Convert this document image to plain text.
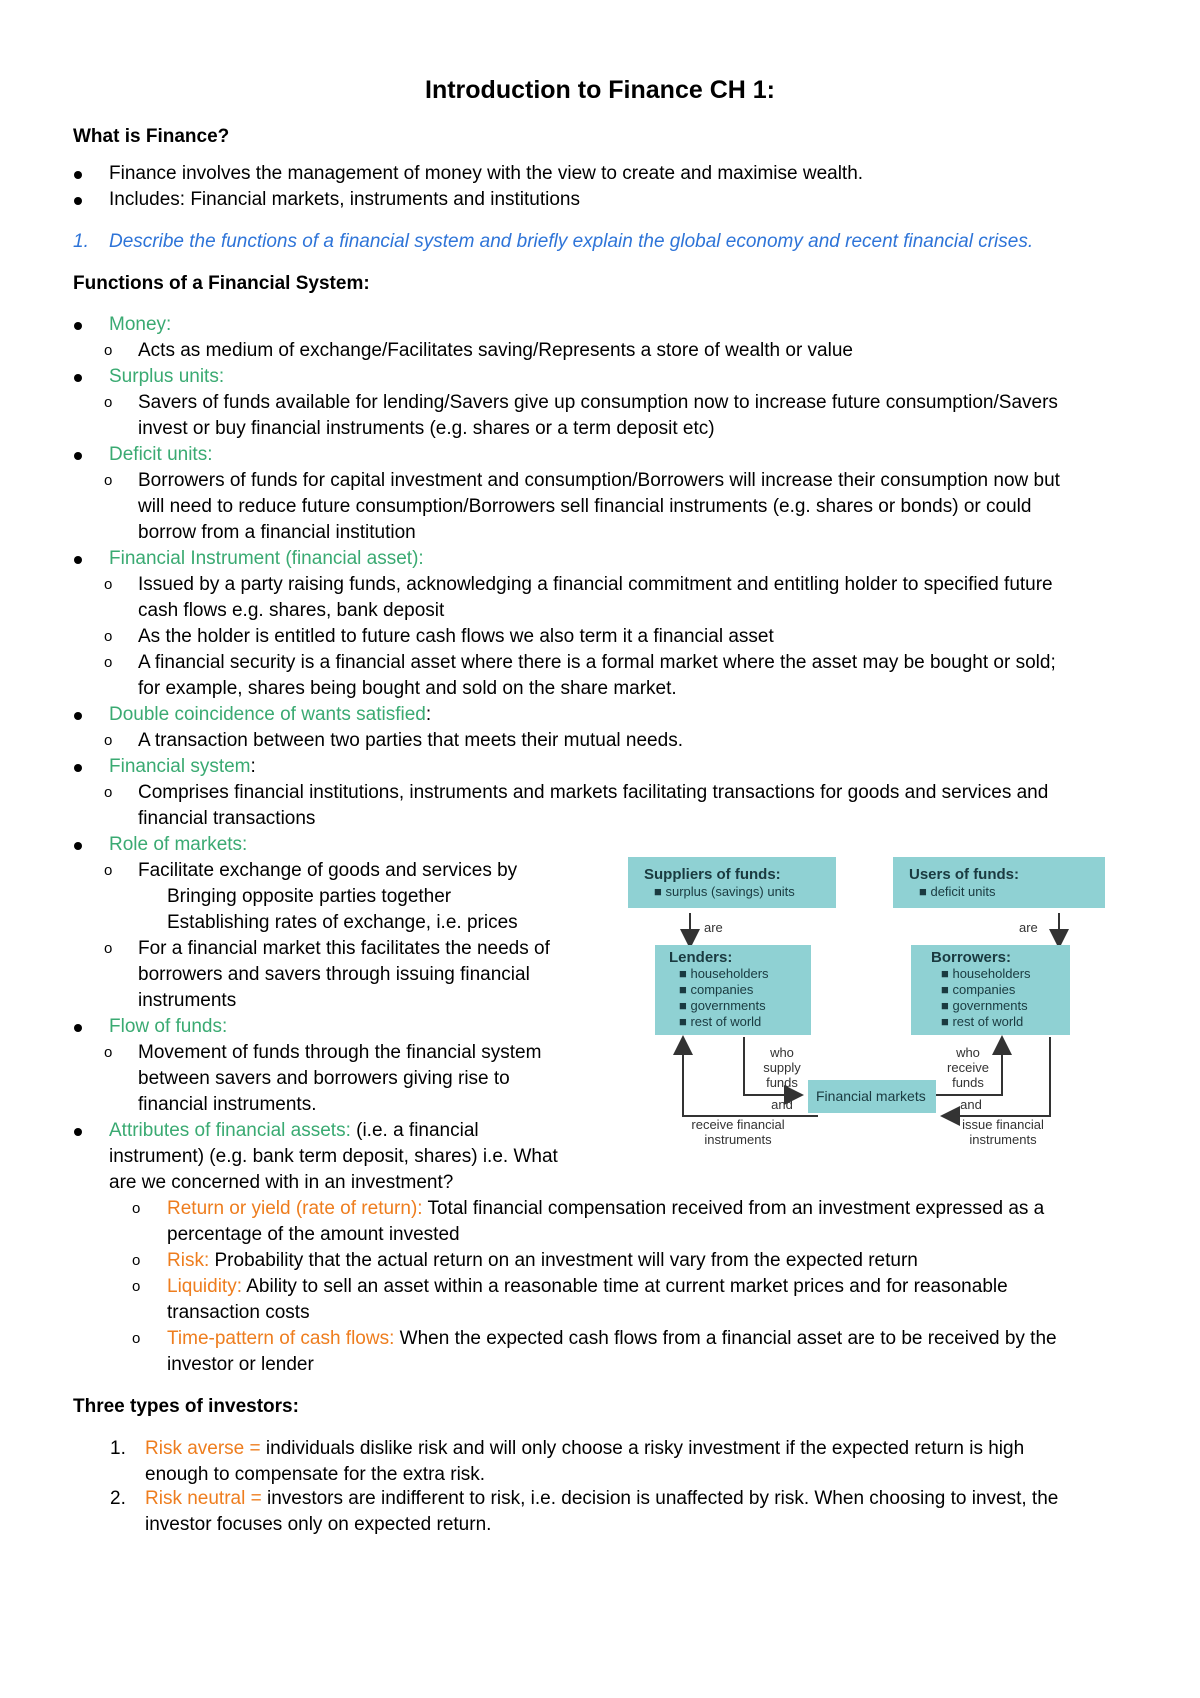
Introduction to Finance CH 1:
What is Finance?
Finance involves the management of money with the view to create and maximise wealth.
Includes: Financial markets, instruments and institutions
1. Describe the functions of a financial system and briefly explain the global economy and recent financial crises.
Functions of a Financial System:
Money:
o Acts as medium of exchange/Facilitates saving/Represents a store of wealth or value
Surplus units:
o Savers of funds available for lending/Savers give up consumption now to increase future consumption/Savers
invest or buy financial instruments (e.g. shares or a term deposit etc)
Deficit units:
o Borrowers of funds for capital investment and consumption/Borrowers will increase their consumption now but
will need to reduce future consumption/Borrowers sell financial instruments (e.g. shares or bonds) or could
borrow from a financial institution
Financial Instrument (financial asset):
o Issued by a party raising funds, acknowledging a financial commitment and entitling holder to specified future
cash flows e.g. shares, bank deposit
o As the holder is entitled to future cash flows we also term it a financial asset
o A financial security is a financial asset where there is a formal market where the asset may be bought or sold;
for example, shares being bought and sold on the share market.
Double coincidence of wants satisfied:
o A transaction between two parties that meets their mutual needs.
Financial system:
o Comprises financial institutions, instruments and markets facilitating transactions for goods and services and
financial transactions
Role of markets:
o Facilitate exchange of goods and services by
Bringing opposite parties together
Establishing rates of exchange, i.e. prices
o For a financial market this facilitates the needs of
borrowers and savers through issuing financial
instruments
Flow of funds:
o Movement of funds through the financial system
between savers and borrowers giving rise to
financial instruments.
Attributes of financial assets: (i.e. a financial
instrument) (e.g. bank term deposit, shares) i.e. What
are we concerned with in an investment?
o Return or yield (rate of return): Total financial compensation received from an investment expressed as a
percentage of the amount invested
o Risk: Probability that the actual return on an investment will vary from the expected return
o Liquidity: Ability to sell an asset within a reasonable time at current market prices and for reasonable
transaction costs
o Time-pattern of cash flows: When the expected cash flows from a financial asset are to be received by the
investor or lender
Three types of investors:
1. Risk averse = individuals dislike risk and will only choose a risky investment if the expected return is high
enough to compensate for the extra risk.
2. Risk neutral = investors are indifferent to risk, i.e. decision is unaffected by risk. When choosing to invest, the
investor focuses only on expected return.
Suppliers of funds:
■ surplus (savings) units
Users of funds:
■ deficit units
are	are
Lenders:
■ householders
■ companies
■ governments
■ rest of world
Borrowers:
■ householders
■ companies
■ governments
■ rest of world
Financial markets
who
supply
funds
who
receive
funds
and	and
receive financial
instruments
issue financial
instruments
